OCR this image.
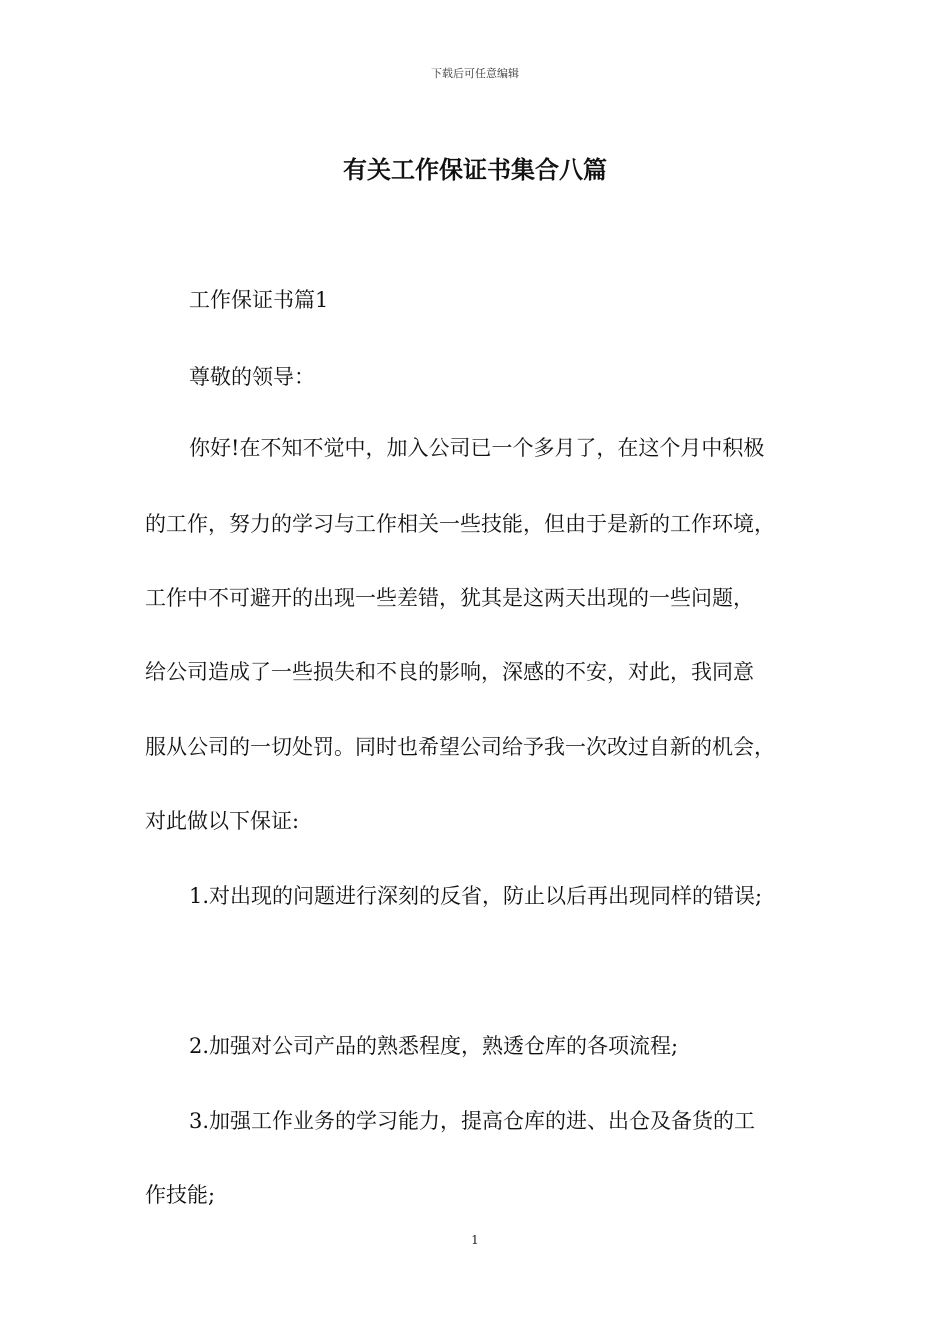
下载后可任意编辑
有关工作保证书集合八篇
工作保证书篇1
尊敬的领导：
你好!在不知不觉中，加入公司已一个多月了，在这个月中积极
的工作，努力的学习与工作相关一些技能，但由于是新的工作环境，
工作中不可避开的出现一些差错，犹其是这两天出现的一些问题，
给公司造成了一些损失和不良的影响，深感的不安，对此，我同意
服从公司的一切处罚。同时也希望公司给予我一次改过自新的机会，
对此做以下保证:
1.对出现的问题进行深刻的反省，防止以后再出现同样的错误;
2.加强对公司产品的熟悉程度，熟透仓库的各项流程;
3.加强工作业务的学习能力，提高仓库的进、出仓及备货的工
作技能;
1
